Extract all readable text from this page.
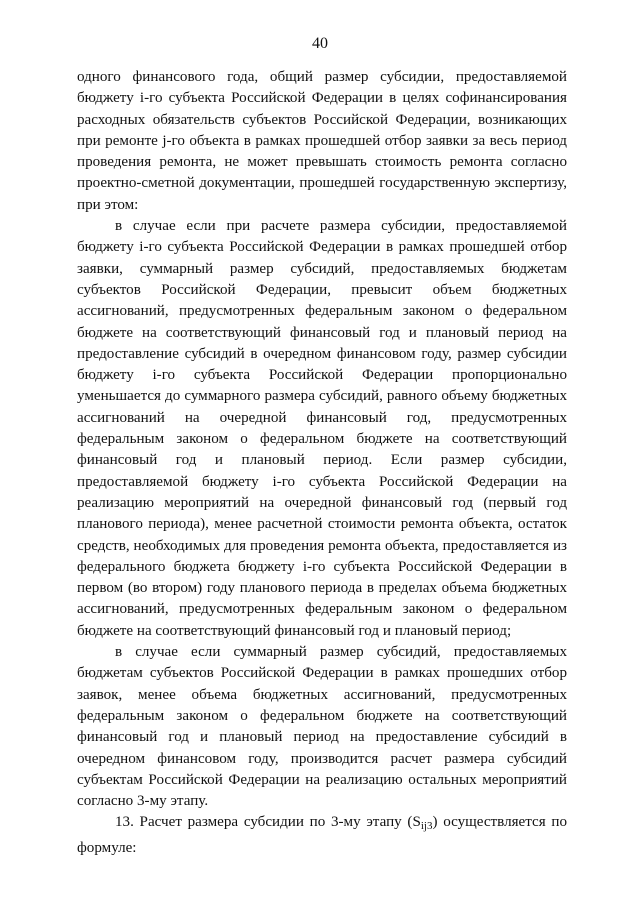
40

одного финансового года, общий размер субсидии, предоставляемой бюджету i-го субъекта Российской Федерации в целях софинансирования расходных обязательств субъектов Российской Федерации, возникающих при ремонте j-го объекта в рамках прошедшей отбор заявки за весь период проведения ремонта, не может превышать стоимость ремонта согласно проектно-сметной документации, прошедшей государственную экспертизу, при этом:

в случае если при расчете размера субсидии, предоставляемой бюджету i-го субъекта Российской Федерации в рамках прошедшей отбор заявки, суммарный размер субсидий, предоставляемых бюджетам субъектов Российской Федерации, превысит объем бюджетных ассигнований, предусмотренных федеральным законом о федеральном бюджете на соответствующий финансовый год и плановый период на предоставление субсидий в очередном финансовом году, размер субсидии бюджету i-го субъекта Российской Федерации пропорционально уменьшается до суммарного размера субсидий, равного объему бюджетных ассигнований на очередной финансовый год, предусмотренных федеральным законом о федеральном бюджете на соответствующий финансовый год и плановый период. Если размер субсидии, предоставляемой бюджету i-го субъекта Российской Федерации на реализацию мероприятий на очередной финансовый год (первый год планового периода), менее расчетной стоимости ремонта объекта, остаток средств, необходимых для проведения ремонта объекта, предоставляется из федерального бюджета бюджету i-го субъекта Российской Федерации в первом (во втором) году планового периода в пределах объема бюджетных ассигнований, предусмотренных федеральным законом о федеральном бюджете на соответствующий финансовый год и плановый период;

в случае если суммарный размер субсидий, предоставляемых бюджетам субъектов Российской Федерации в рамках прошедших отбор заявок, менее объема бюджетных ассигнований, предусмотренных федеральным законом о федеральном бюджете на соответствующий финансовый год и плановый период на предоставление субсидий в очередном финансовом году, производится расчет размера субсидий субъектам Российской Федерации на реализацию остальных мероприятий согласно 3-му этапу.

13. Расчет размера субсидии по 3-му этапу (Sij3) осуществляется по формуле:
